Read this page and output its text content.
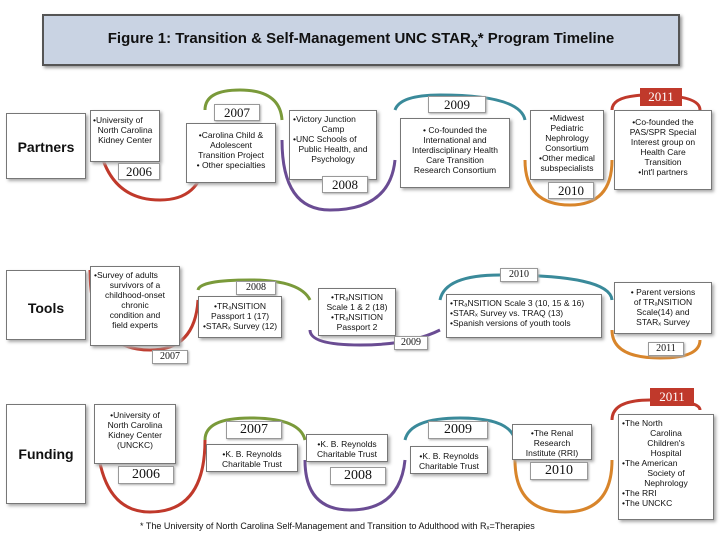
Figure 1: Transition & Self-Management UNC $STAR_x*$ Program Timeline
Partners
Tools
Funding
•University of
North Carolina
Kidney Center
2006
2007
•Carolina Child &
Adolescent
Transition Project
• Other specialties
•Victory Junction
Camp
•UNC Schools of
Public Health, and
Psychology
2008
2009
• Co-founded the
International and
Interdisciplinary Health
Care Transition
Research Consortium
•Midwest
Pediatric
Nephrology
Consortium
•Other medical
subspecialists
2010
2011
•Co-founded the
PAS/SPR Special
Interest group on
Health Care
Transition
•Int'l partners
•Survey of adults
survivors of a
childhood-onset
chronic
condition and
field experts
2007
2008
•TRₐNSITION
Passport 1 (17)
•STARₓ Survey (12)
•TRₐNSITION
Scale 1 & 2 (18)
•TRₐNSITION
Passport 2
2009
2010
•TRₐNSITION Scale 3 (10, 15 & 16)
•STARₓ Survey vs. TRAQ (13)
•Spanish versions of youth tools
• Parent versions
of TRₐNSITION
Scale(14) and
STARₓ Survey
2011
•University of
North Carolina
Kidney Center
(UNCKC)
2006
2007
•K. B. Reynolds
Charitable Trust
•K. B. Reynolds
Charitable Trust
2008
2009
•K. B. Reynolds
Charitable Trust
•The Renal
Research
Institute (RRI)
2010
2011
•The North
Carolina
Children's
Hospital
•The American
Society of
Nephrology
•The RRI
•The UNCKC
* The University of North Carolina Self-Management and Transition to Adulthood with Rₓ=Therapies
